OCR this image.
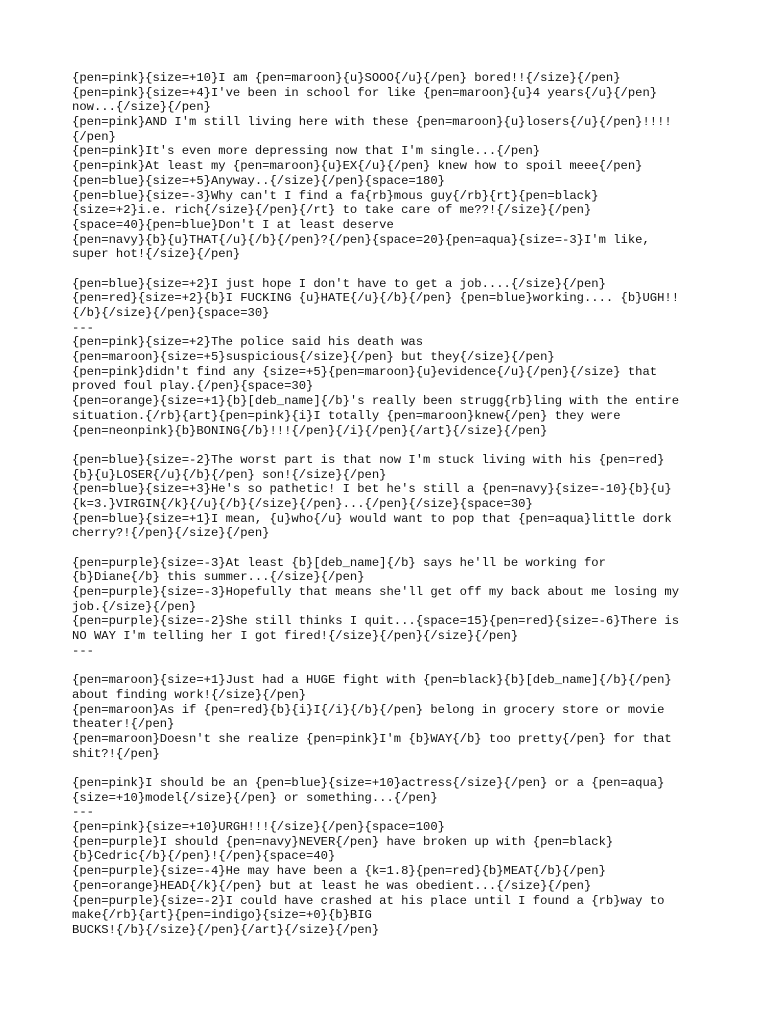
{pen=pink}{size=+10}I am {pen=maroon}{u}SOOO{/u}{/pen} bored!!{/size}{/pen}
{pen=pink}{size=+4}I've been in school for like {pen=maroon}{u}4 years{/u}{/pen}
now...{/size}{/pen}
{pen=pink}AND I'm still living here with these {pen=maroon}{u}losers{/u}{/pen}!!!!
{/pen}
{pen=pink}It's even more depressing now that I'm single...{/pen}
{pen=pink}At least my {pen=maroon}{u}EX{/u}{/pen} knew how to spoil meee{/pen}
{pen=blue}{size=+5}Anyway..{/size}{/pen}{space=180}
{pen=blue}{size=-3}Why can't I find a fa{rb}mous guy{/rb}{rt}{pen=black}
{size=+2}i.e. rich{/size}{/pen}{/rt} to take care of me??!{/size}{/pen}
{space=40}{pen=blue}Don't I at least deserve
{pen=navy}{b}{u}THAT{/u}{/b}{/pen}?{/pen}{space=20}{pen=aqua}{size=-3}I'm like,
super hot!{/size}{/pen}
{pen=blue}{size=+2}I just hope I don't have to get a job....{/size}{/pen}
{pen=red}{size=+2}{b}I FUCKING {u}HATE{/u}{/b}{/pen} {pen=blue}working.... {b}UGH!!
{/b}{/size}{/pen}{space=30}
---
{pen=pink}{size=+2}The police said his death was
{pen=maroon}{size=+5}suspicious{/size}{/pen} but they{/size}{/pen}
{pen=pink}didn't find any {size=+5}{pen=maroon}{u}evidence{/u}{/pen}{/size} that
proved foul play.{/pen}{space=30}
{pen=orange}{size=+1}{b}[deb_name]{/b}'s really been strugg{rb}ling with the entire
situation.{/rb}{art}{pen=pink}{i}I totally {pen=maroon}knew{/pen} they were
{pen=neonpink}{b}BONING{/b}!!!{/pen}{/i}{/pen}{/art}{/size}{/pen}
{pen=blue}{size=-2}The worst part is that now I'm stuck living with his {pen=red}
{b}{u}LOSER{/u}{/b}{/pen} son!{/size}{/pen}
{pen=blue}{size=+3}He's so pathetic! I bet he's still a {pen=navy}{size=-10}{b}{u}
{k=3.}VIRGIN{/k}{/u}{/b}{/size}{/pen}...{/pen}{/size}{space=30}
{pen=blue}{size=+1}I mean, {u}who{/u} would want to pop that {pen=aqua}little dork
cherry?!{/pen}{/size}{/pen}
{pen=purple}{size=-3}At least {b}[deb_name]{/b} says he'll be working for
{b}Diane{/b} this summer...{/size}{/pen}
{pen=purple}{size=-3}Hopefully that means she'll get off my back about me losing my
job.{/size}{/pen}
{pen=purple}{size=-2}She still thinks I quit...{space=15}{pen=red}{size=-6}There is
NO WAY I'm telling her I got fired!{/size}{/pen}{/size}{/pen}
---
{pen=maroon}{size=+1}Just had a HUGE fight with {pen=black}{b}[deb_name]{/b}{/pen}
about finding work!{/size}{/pen}
{pen=maroon}As if {pen=red}{b}{i}I{/i}{/b}{/pen} belong in grocery store or movie
theater!{/pen}
{pen=maroon}Doesn't she realize {pen=pink}I'm {b}WAY{/b} too pretty{/pen} for that
shit?!{/pen}
{pen=pink}I should be an {pen=blue}{size=+10}actress{/size}{/pen} or a {pen=aqua}
{size=+10}model{/size}{/pen} or something...{/pen}
---
{pen=pink}{size=+10}URGH!!!{/size}{/pen}{space=100}
{pen=purple}I should {pen=navy}NEVER{/pen} have broken up with {pen=black}
{b}Cedric{/b}{/pen}!{/pen}{space=40}
{pen=purple}{size=-4}He may have been a {k=1.8}{pen=red}{b}MEAT{/b}{/pen}
{pen=orange}HEAD{/k}{/pen} but at least he was obedient...{/size}{/pen}
{pen=purple}{size=-2}I could have crashed at his place until I found a {rb}way to
make{/rb}{art}{pen=indigo}{size=+0}{b}BIG
BUCKS!{/b}{/size}{/pen}{/art}{/size}{/pen}
